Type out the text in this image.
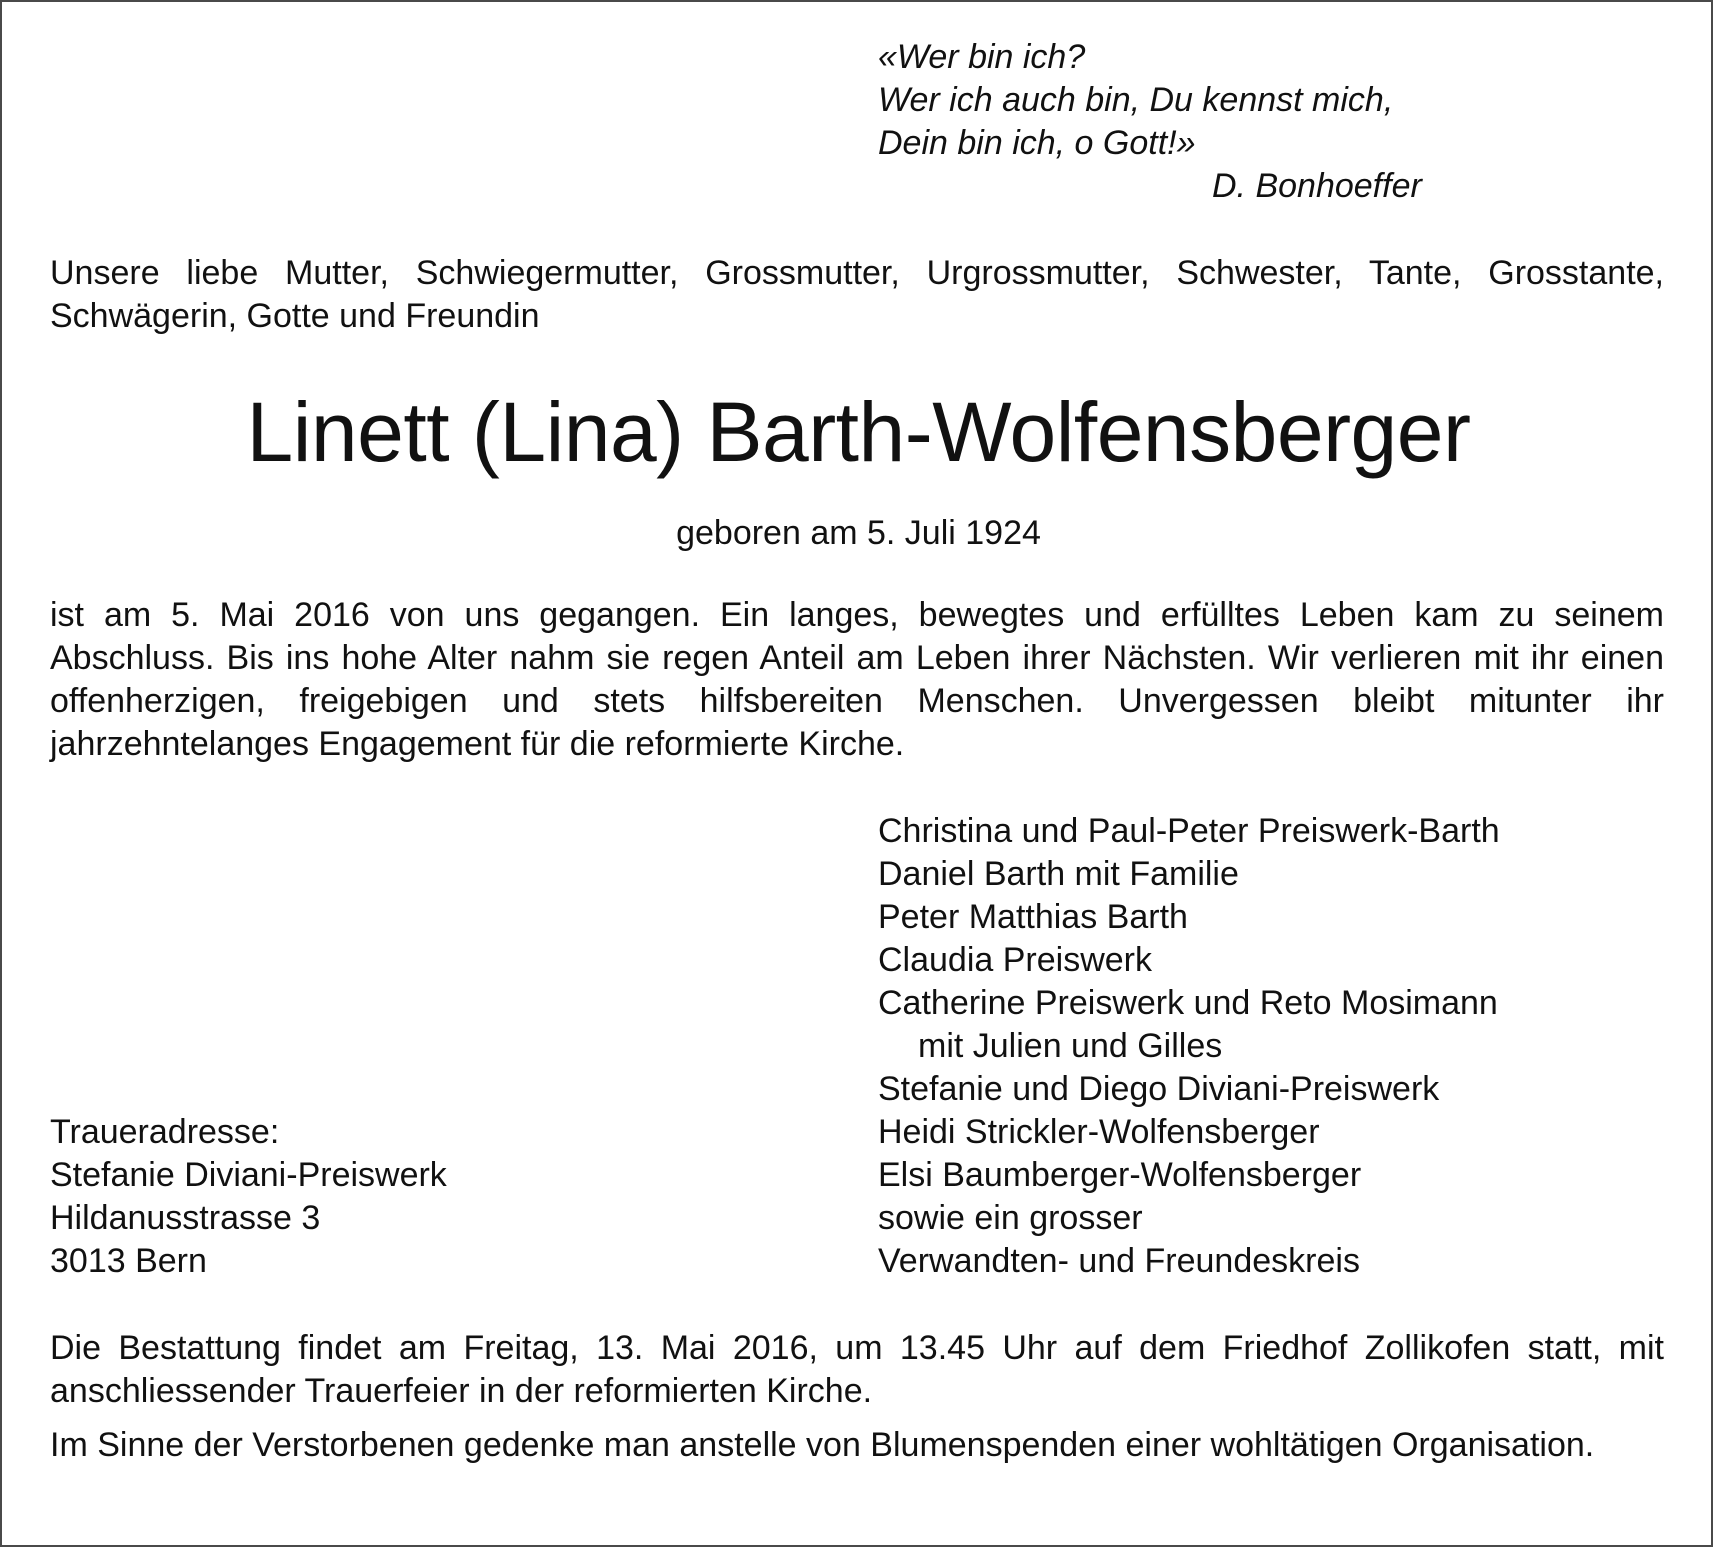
«Wer bin ich?
Wer ich auch bin, Du kennst mich,
Dein bin ich, o Gott!»
D. Bonhoeffer
Unsere liebe Mutter, Schwiegermutter, Grossmutter, Urgrossmutter, Schwester, Tante, Grosstante, Schwägerin, Gotte und Freundin
Linett (Lina) Barth-Wolfensberger
geboren am 5. Juli 1924
ist am 5. Mai 2016 von uns gegangen. Ein langes, bewegtes und erfülltes Leben kam zu seinem Abschluss. Bis ins hohe Alter nahm sie regen Anteil am Leben ihrer Nächsten. Wir verlieren mit ihr einen offenherzigen, freigebigen und stets hilfsbereiten Menschen. Unvergessen bleibt mitunter ihr jahrzehntelanges Engagement für die reformierte Kirche.
Christina und Paul-Peter Preiswerk-Barth
Daniel Barth mit Familie
Peter Matthias Barth
Claudia Preiswerk
Catherine Preiswerk und Reto Mosimann
mit Julien und Gilles
Stefanie und Diego Diviani-Preiswerk
Heidi Strickler-Wolfensberger
Elsi Baumberger-Wolfensberger
sowie ein grosser
Verwandten- und Freundeskreis
Traueradresse:
Stefanie Diviani-Preiswerk
Hildanusstrasse 3
3013 Bern
Die Bestattung findet am Freitag, 13. Mai 2016, um 13.45 Uhr auf dem Friedhof Zollikofen statt, mit anschliessender Trauerfeier in der reformierten Kirche.
Im Sinne der Verstorbenen gedenke man anstelle von Blumenspenden einer wohltätigen Organisation.
